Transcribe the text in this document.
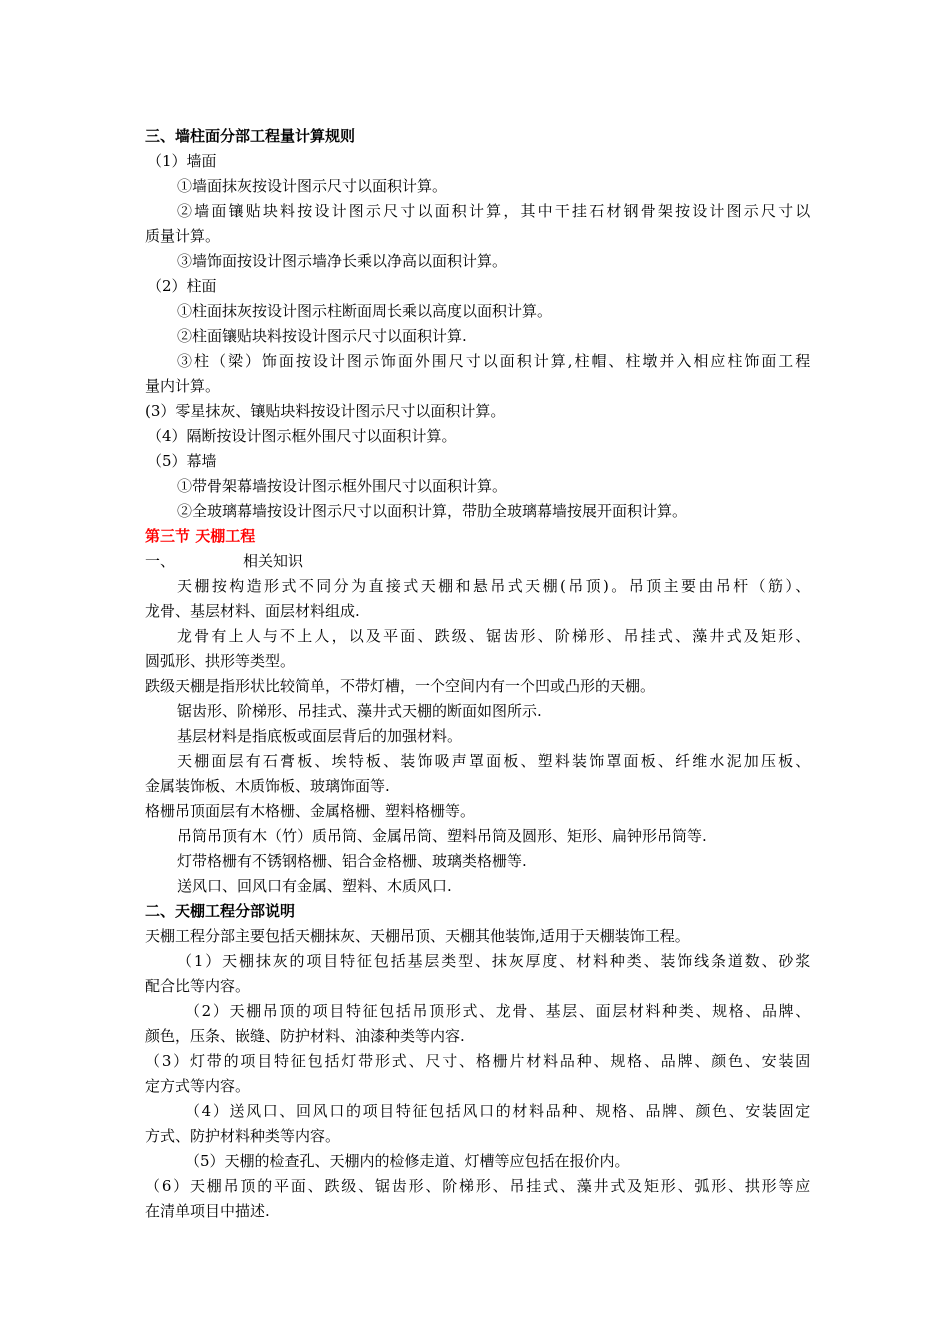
三、墙柱面分部工程量计算规则
（1）墙面
①墙面抹灰按设计图示尺寸以面积计算。
②墙面镶贴块料按设计图示尺寸以面积计算，其中干挂石材钢骨架按设计图示尺寸以
质量计算。
③墙饰面按设计图示墙净长乘以净高以面积计算。
（2）柱面
①柱面抹灰按设计图示柱断面周长乘以高度以面积计算。
②柱面镶贴块料按设计图示尺寸以面积计算.
③柱（梁）饰面按设计图示饰面外围尺寸以面积计算,柱帽、柱墩并入相应柱饰面工程
量内计算。
(3）零星抹灰、镶贴块料按设计图示尺寸以面积计算。
（4）隔断按设计图示框外围尺寸以面积计算。
（5）幕墙
①带骨架幕墙按设计图示框外围尺寸以面积计算。
②全玻璃幕墙按设计图示尺寸以面积计算，带肋全玻璃幕墙按展开面积计算。
第三节 天棚工程
一、	相关知识
天棚按构造形式不同分为直接式天棚和悬吊式天棚(吊顶)。吊顶主要由吊杆（筋）、
龙骨、基层材料、面层材料组成.
龙骨有上人与不上人，以及平面、跌级、锯齿形、阶梯形、吊挂式、藻井式及矩形、
圆弧形、拱形等类型。
跌级天棚是指形状比较简单，不带灯槽，一个空间内有一个凹或凸形的天棚。
锯齿形、阶梯形、吊挂式、藻井式天棚的断面如图所示.
基层材料是指底板或面层背后的加强材料。
天棚面层有石膏板、埃特板、装饰吸声罩面板、塑料装饰罩面板、纤维水泥加压板、
金属装饰板、木质饰板、玻璃饰面等.
格栅吊顶面层有木格栅、金属格栅、塑料格栅等。
吊筒吊顶有木（竹）质吊筒、金属吊筒、塑料吊筒及圆形、矩形、扁钟形吊筒等.
灯带格栅有不锈钢格栅、铝合金格栅、玻璃类格栅等.
送风口、回风口有金属、塑料、木质风口.
二、天棚工程分部说明
天棚工程分部主要包括天棚抹灰、天棚吊顶、天棚其他装饰,适用于天棚装饰工程。
（1）天棚抹灰的项目特征包括基层类型、抹灰厚度、材料种类、装饰线条道数、砂浆
配合比等内容。
（2）天棚吊顶的项目特征包括吊顶形式、龙骨、基层、面层材料种类、规格、品牌、
颜色，压条、嵌缝、防护材料、油漆种类等内容.
（3）灯带的项目特征包括灯带形式、尺寸、格栅片材料品种、规格、品牌、颜色、安装固
定方式等内容。
（4）送风口、回风口的项目特征包括风口的材料品种、规格、品牌、颜色、安装固定
方式、防护材料种类等内容。
（5）天棚的检查孔、天棚内的检修走道、灯槽等应包括在报价内。
（6）天棚吊顶的平面、跌级、锯齿形、阶梯形、吊挂式、藻井式及矩形、弧形、拱形等应
在清单项目中描述.
